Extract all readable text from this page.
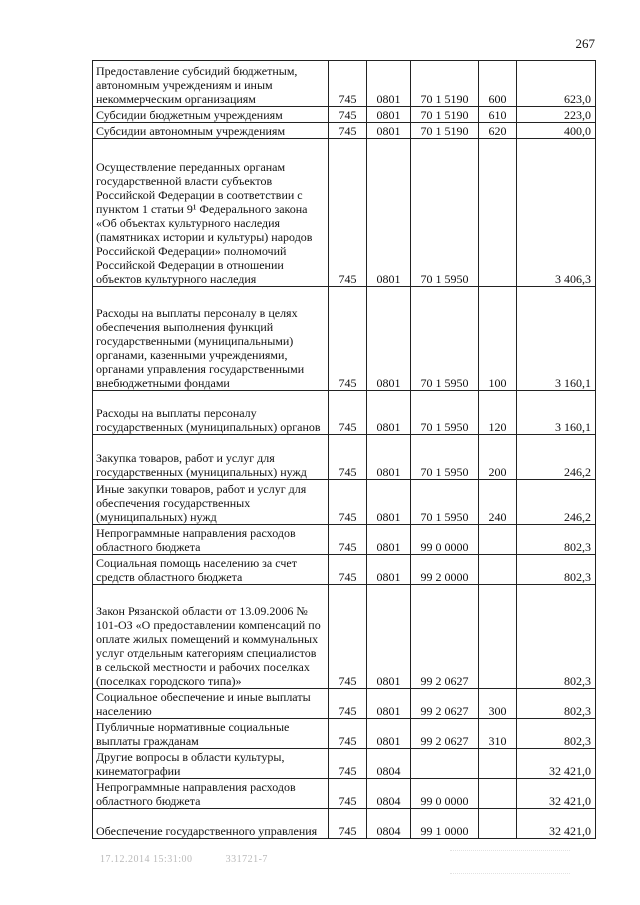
267
Предоставление субсидий бюджетным, автономным учреждениям и иным некоммерческим организациям	745	0801	70 1 5190	600	623,0
Субсидии бюджетным учреждениям	745	0801	70 1 5190	610	223,0
Субсидии автономным учреждениям	745	0801	70 1 5190	620	400,0
Осуществление переданных органам государственной власти субъектов Российской Федерации в соответствии с пунктом 1 статьи 9¹ Федерального закона «Об объектах культурного наследия (памятниках истории и культуры) народов Российской Федерации» полномочий Российской Федерации в отношении объектов культурного наследия	745	0801	70 1 5950		3 406,3
Расходы на выплаты персоналу в целях обеспечения выполнения функций государственными (муниципальными) органами, казенными учреждениями, органами управления государственными внебюджетными фондами	745	0801	70 1 5950	100	3 160,1
Расходы на выплаты персоналу государственных (муниципальных) органов	745	0801	70 1 5950	120	3 160,1
Закупка товаров, работ и услуг для государственных (муниципальных) нужд	745	0801	70 1 5950	200	246,2
Иные закупки товаров, работ и услуг для обеспечения государственных (муниципальных) нужд	745	0801	70 1 5950	240	246,2
Непрограммные направления расходов областного бюджета	745	0801	99 0 0000		802,3
Социальная помощь населению за счет средств областного бюджета	745	0801	99 2 0000		802,3
Закон Рязанской области от 13.09.2006 № 101-ОЗ «О предоставлении компенсаций по оплате жилых помещений и коммунальных услуг отдельным категориям специалистов в сельской местности и рабочих поселках (поселках городского типа)»	745	0801	99 2 0627		802,3
Социальное обеспечение и иные выплаты населению	745	0801	99 2 0627	300	802,3
Публичные нормативные социальные выплаты гражданам	745	0801	99 2 0627	310	802,3
Другие вопросы в области культуры, кинематографии	745	0804			32 421,0
Непрограммные направления расходов областного бюджета	745	0804	99 0 0000		32 421,0
Обеспечение государственного управления	745	0804	99 1 0000		32 421,0
17.12.2014 15:31:00	331721-7
